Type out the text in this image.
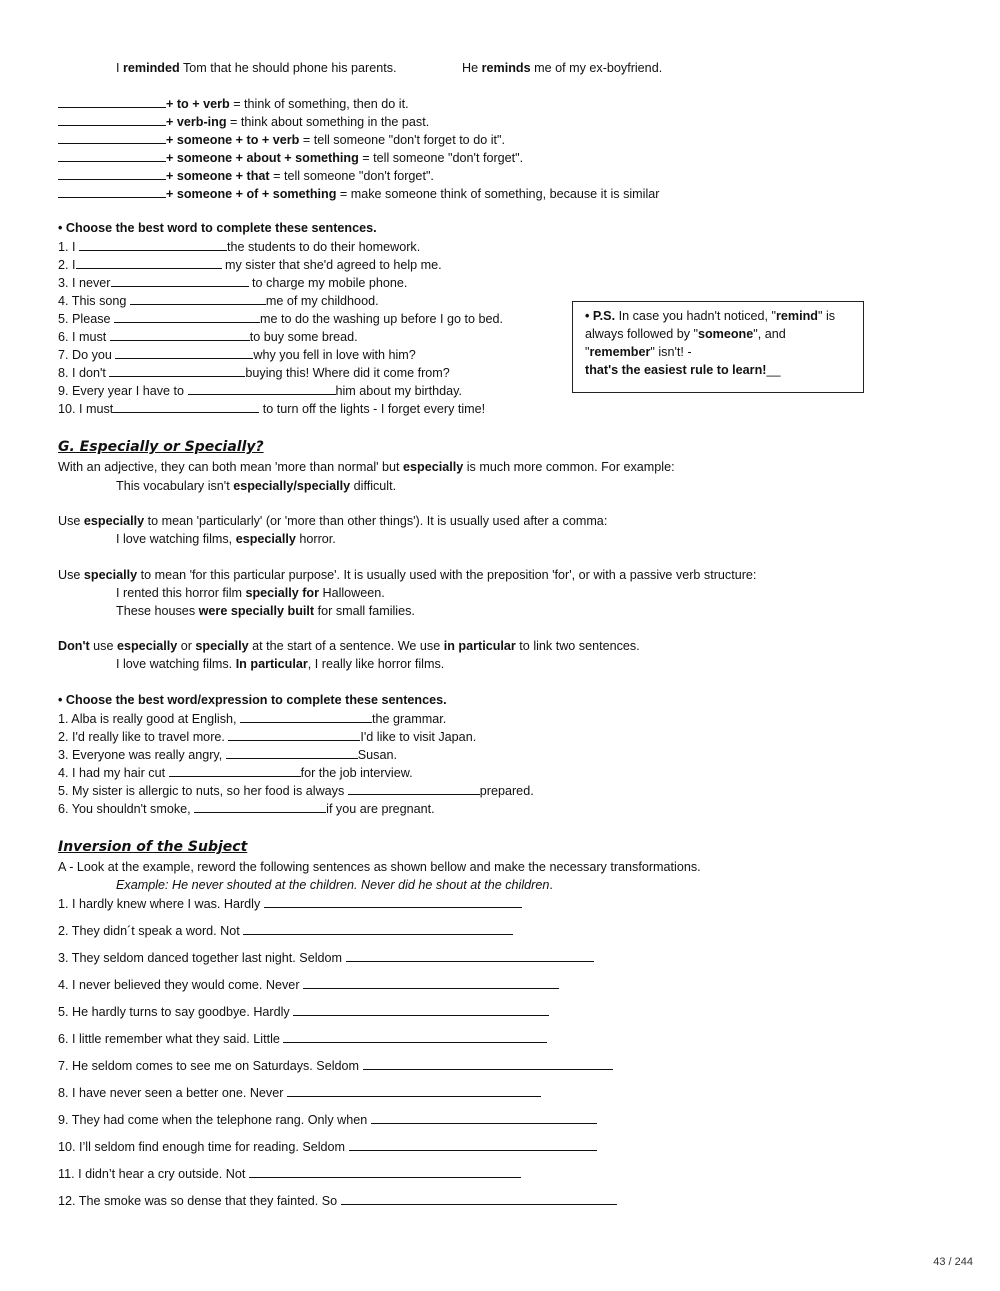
I reminded Tom that he should phone his parents.	He reminds me of my ex-boyfriend.
+ to + verb = think of something, then do it.
+ verb-ing = think about something in the past.
+ someone + to + verb = tell someone "don't forget to do it".
+ someone + about + something = tell someone "don't forget".
+ someone + that = tell someone "don't forget".
+ someone + of + something = make someone think of something, because it is similar
• Choose the best word to complete these sentences.
1. I	the students to do their homework.
2. I	my sister that she'd agreed to help me.
3. I never	to charge my mobile phone.
4. This song	me of my childhood.
5. Please	me to do the washing up before I go to bed.
6. I must	to buy some bread.
7. Do you	why you fell in love with him?
8. I don't	buying this! Where did it come from?
9. Every year I have to	him about my birthday.
10. I must	to turn off the lights - I forget every time!
• P.S. In case you hadn't noticed, "remind" is
always followed by "someone", and
"remember" isn't! -
that's the easiest rule to learn!__
G. Especially or Specially?
With an adjective, they can both mean 'more than normal' but especially is much more common. For example:
This vocabulary isn't especially/specially difficult.
Use especially to mean 'particularly' (or 'more than other things'). It is usually used after a comma:
I love watching films, especially horror.
Use specially to mean 'for this particular purpose'. It is usually used with the preposition 'for', or with a passive verb structure:
I rented this horror film specially for Halloween.
These houses were specially built for small families.
Don't use especially or specially at the start of a sentence. We use in particular to link two sentences.
I love watching films. In particular, I really like horror films.
• Choose the best word/expression to complete these sentences.
1. Alba is really good at English,	the grammar.
2. I'd really like to travel more.	I'd like to visit Japan.
3. Everyone was really angry,	Susan.
4. I had my hair cut	for the job interview.
5. My sister is allergic to nuts, so her food is always	prepared.
6. You shouldn't smoke,	if you are pregnant.
Inversion of the Subject
A - Look at the example, reword the following sentences as shown bellow and make the necessary transformations.
Example: He never shouted at the children. Never did he shout at the children.
1. I hardly knew where I was. Hardly
2. They didn´t speak a word. Not
3. They seldom danced together last night. Seldom
4. I never believed they would come. Never
5. He hardly turns to say goodbye. Hardly
6. I little remember what they said. Little
7. He seldom comes to see me on Saturdays. Seldom
8. I have never seen a better one. Never
9. They had come when the telephone rang. Only when
10. I’ll seldom find enough time for reading. Seldom
11. I didn’t hear a cry outside. Not
12. The smoke was so dense that they fainted. So
43 / 244
